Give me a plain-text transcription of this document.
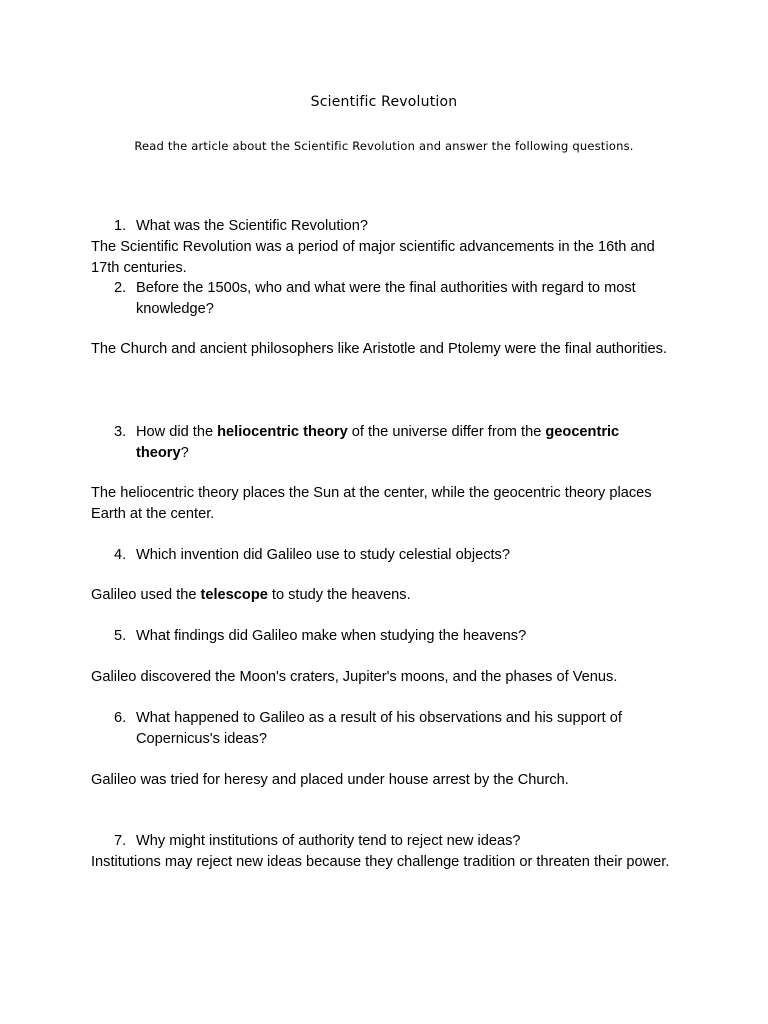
Scientific Revolution
Read the article about the Scientific Revolution and answer the following questions.
1. What was the Scientific Revolution?
The Scientific Revolution was a period of major scientific advancements in the 16th and 17th centuries.
2. Before the 1500s, who and what were the final authorities with regard to most knowledge?
The Church and ancient philosophers like Aristotle and Ptolemy were the final authorities.
3. How did the heliocentric theory of the universe differ from the geocentric theory?
The heliocentric theory places the Sun at the center, while the geocentric theory places Earth at the center.
4. Which invention did Galileo use to study celestial objects?
Galileo used the telescope to study the heavens.
5. What findings did Galileo make when studying the heavens?
Galileo discovered the Moon's craters, Jupiter's moons, and the phases of Venus.
6. What happened to Galileo as a result of his observations and his support of Copernicus's ideas?
Galileo was tried for heresy and placed under house arrest by the Church.
7. Why might institutions of authority tend to reject new ideas?
Institutions may reject new ideas because they challenge tradition or threaten their power.
